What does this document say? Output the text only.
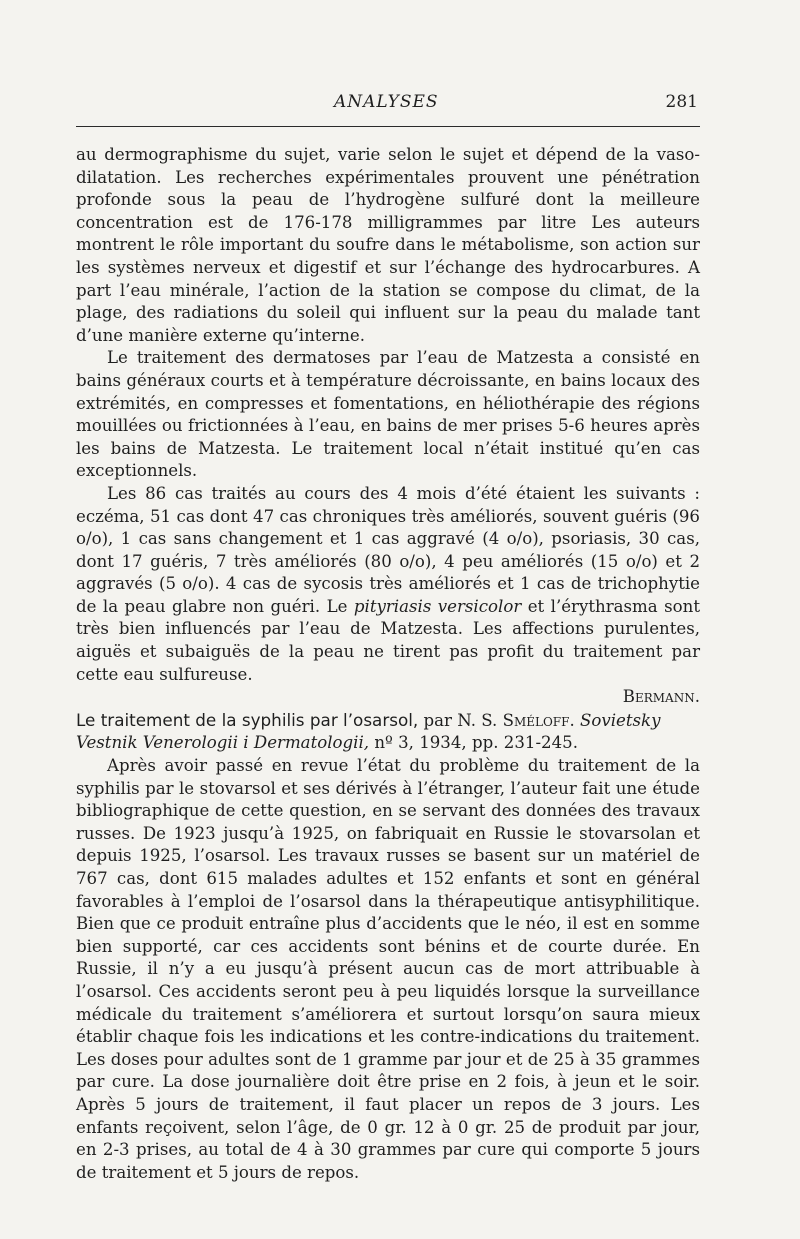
ANALYSES	281

au dermographisme du sujet, varie selon le sujet et dépend de la vaso-dilatation. Les recherches expérimentales prouvent une pénétration profonde sous la peau de l’hydrogène sulfuré dont la meilleure concentration est de 176-178 milligrammes par litre Les auteurs montrent le rôle important du soufre dans le métabolisme, son action sur les systèmes nerveux et digestif et sur l’échange des hydrocarbures. A part l’eau minérale, l’action de la station se compose du climat, de la plage, des radiations du soleil qui influent sur la peau du malade tant d’une manière externe qu’interne.

Le traitement des dermatoses par l’eau de Matzesta a consisté en bains généraux courts et à température décroissante, en bains locaux des extrémités, en compresses et fomentations, en héliothérapie des régions mouillées ou frictionnées à l’eau, en bains de mer prises 5-6 heures après les bains de Matzesta. Le traitement local n’était institué qu’en cas exceptionnels.

Les 86 cas traités au cours des 4 mois d’été étaient les suivants : eczéma, 51 cas dont 47 cas chroniques très améliorés, souvent guéris (96 o/o), 1 cas sans changement et 1 cas aggravé (4 o/o), psoriasis, 30 cas, dont 17 guéris, 7 très améliorés (80 o/o), 4 peu améliorés (15 o/o) et 2 aggravés (5 o/o). 4 cas de sycosis très améliorés et 1 cas de trichophytie de la peau glabre non guéri. Le pityriasis versicolor et l’érythrasma sont très bien influencés par l’eau de Matzesta. Les affections purulentes, aiguës et subaiguës de la peau ne tirent pas profit du traitement par cette eau sulfureuse.

Bermann.

Le traitement de la syphilis par l’osarsol, par N. S. Sméloff. Sovietsky Vestnik Venerologii i Dermatologii, nº 3, 1934, pp. 231-245.

Après avoir passé en revue l’état du problème du traitement de la syphilis par le stovarsol et ses dérivés à l’étranger, l’auteur fait une étude bibliographique de cette question, en se servant des données des travaux russes. De 1923 jusqu’à 1925, on fabriquait en Russie le stovarsolan et depuis 1925, l’osarsol. Les travaux russes se basent sur un matériel de 767 cas, dont 615 malades adultes et 152 enfants et sont en général favorables à l’emploi de l’osarsol dans la thérapeutique antisyphilitique. Bien que ce produit entraîne plus d’accidents que le néo, il est en somme bien supporté, car ces accidents sont bénins et de courte durée. En Russie, il n’y a eu jusqu’à présent aucun cas de mort attribuable à l’osarsol. Ces accidents seront peu à peu liquidés lorsque la surveillance médicale du traitement s’améliorera et surtout lorsqu’on saura mieux établir chaque fois les indications et les contre-indications du traitement. Les doses pour adultes sont de 1 gramme par jour et de 25 à 35 grammes par cure. La dose journalière doit être prise en 2 fois, à jeun et le soir. Après 5 jours de traitement, il faut placer un repos de 3 jours. Les enfants reçoivent, selon l’âge, de 0 gr. 12 à 0 gr. 25 de produit par jour, en 2-3 prises, au total de 4 à 30 grammes par cure qui comporte 5 jours de traitement et 5 jours de repos.
